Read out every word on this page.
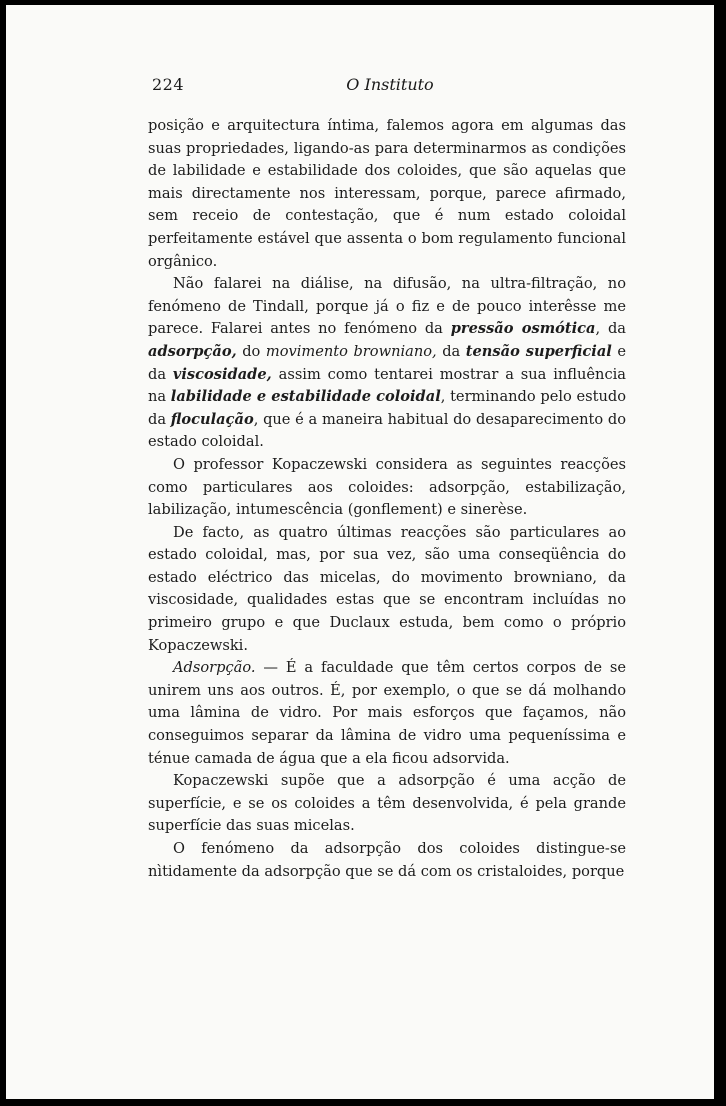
224	O Instituto

posição e arquitectura íntima, falemos agora em algumas das suas propriedades, ligando-as para determinarmos as condições de labilidade e estabilidade dos coloides, que são aquelas que mais directamente nos interessam, porque, parece afirmado, sem receio de contestação, que é num estado coloidal perfeitamente estável que assenta o bom regulamento funcional orgânico.

Não falarei na diálise, na difusão, na ultra-filtração, no fenómeno de Tindall, porque já o fiz e de pouco interêsse me parece. Falarei antes no fenómeno da pressão osmótica, da adsorpção, do movimento browniano, da tensão superficial e da viscosidade, assim como tentarei mostrar a sua influência na labilidade e estabilidade coloidal, terminando pelo estudo da floculação, que é a maneira habitual do desaparecimento do estado coloidal.

O professor Kopaczewski considera as seguintes reacções como particulares aos coloides: adsorpção, estabilização, labilização, intumescência (gonflement) e sinerèse.

De facto, as quatro últimas reacções são particulares ao estado coloidal, mas, por sua vez, são uma conseqüência do estado eléctrico das micelas, do movimento browniano, da viscosidade, qualidades estas que se encontram incluídas no primeiro grupo e que Duclaux estuda, bem como o próprio Kopaczewski.

Adsorpção. — É a faculdade que têm certos corpos de se unirem uns aos outros. É, por exemplo, o que se dá molhando uma lâmina de vidro. Por mais esforços que façamos, não conseguimos separar da lâmina de vidro uma pequeníssima e ténue camada de água que a ela ficou adsorvida.

Kopaczewski supõe que a adsorpção é uma acção de superfície, e se os coloides a têm desenvolvida, é pela grande superfície das suas micelas.

O fenómeno da adsorpção dos coloides distingue-se nìtidamente da adsorpção que se dá com os cristaloides, porque
